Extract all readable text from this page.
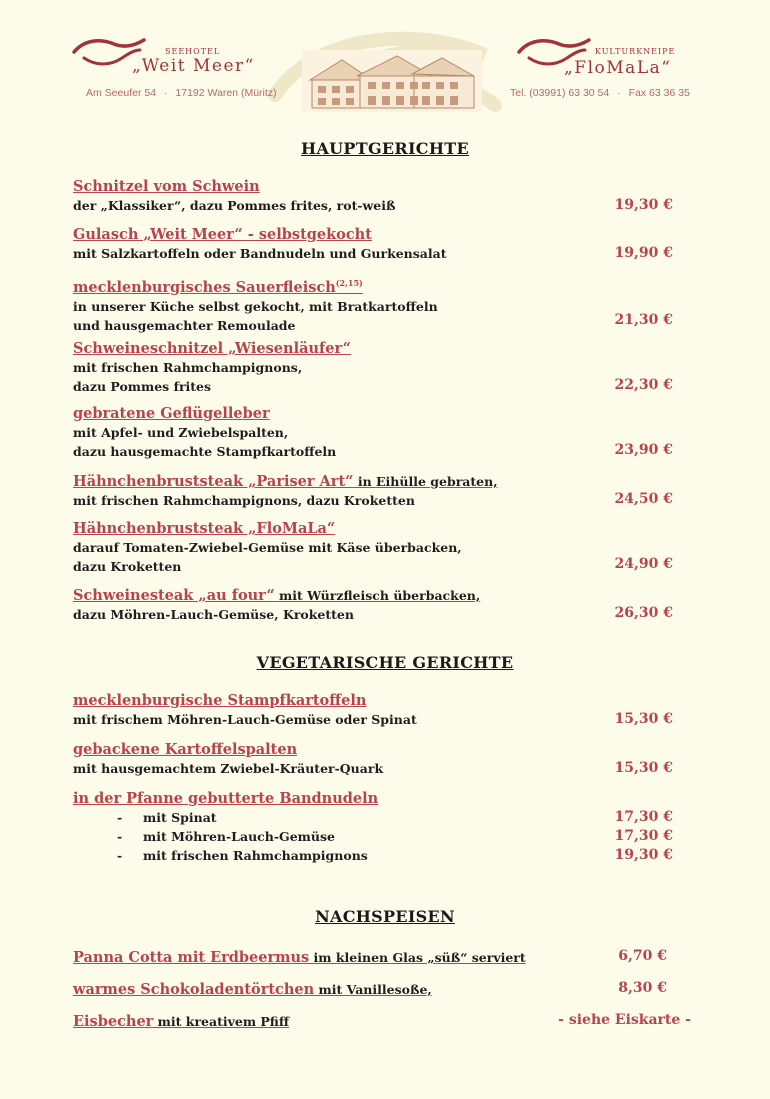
SEEHOTEL
„Weit Meer“
Am Seeufer 54 · 17192 Waren (Müritz)
KULTURKNEIPE
„FloMaLa“
Tel. (03991) 63 30 54 · Fax 63 36 35
HAUPTGERICHTE
Schnitzel vom Schwein
der „Klassiker“, dazu Pommes frites, rot-weiß	19,30 €
Gulasch „Weit Meer“ - selbstgekocht
mit Salzkartoffeln oder Bandnudeln und Gurkensalat	19,90 €
mecklenburgisches Sauerfleisch$^{(2,15)}$
in unserer Küche selbst gekocht, mit Bratkartoffeln
und hausgemachter Remoulade	21,30 €
Schweineschnitzel „Wiesenläufer“
mit frischen Rahmchampignons,
dazu Pommes frites	22,30 €
gebratene Geflügelleber
mit Apfel- und Zwiebelspalten,
dazu hausgemachte Stampfkartoffeln	23,90 €
Hähnchenbruststeak „Pariser Art“ in Eihülle gebraten,
mit frischen Rahmchampignons, dazu Kroketten	24,50 €
Hähnchenbruststeak „FloMaLa“
darauf Tomaten-Zwiebel-Gemüse mit Käse überbacken,
dazu Kroketten	24,90 €
Schweinesteak „au four“ mit Würzfleisch überbacken,
dazu Möhren-Lauch-Gemüse, Kroketten	26,30 €
VEGETARISCHE GERICHTE
mecklenburgische Stampfkartoffeln
mit frischem Möhren-Lauch-Gemüse oder Spinat	15,30 €
gebackene Kartoffelspalten
mit hausgemachtem Zwiebel-Kräuter-Quark	15,30 €
in der Pfanne gebutterte Bandnudeln
- mit Spinat	17,30 €
- mit Möhren-Lauch-Gemüse	17,30 €
- mit frischen Rahmchampignons	19,30 €
NACHSPEISEN
Panna Cotta mit Erdbeermus im kleinen Glas „süß“ serviert	6,70 €
warmes Schokoladentörtchen mit Vanillesoße,	8,30 €
Eisbecher mit kreativem Pfiff	- siehe Eiskarte -
